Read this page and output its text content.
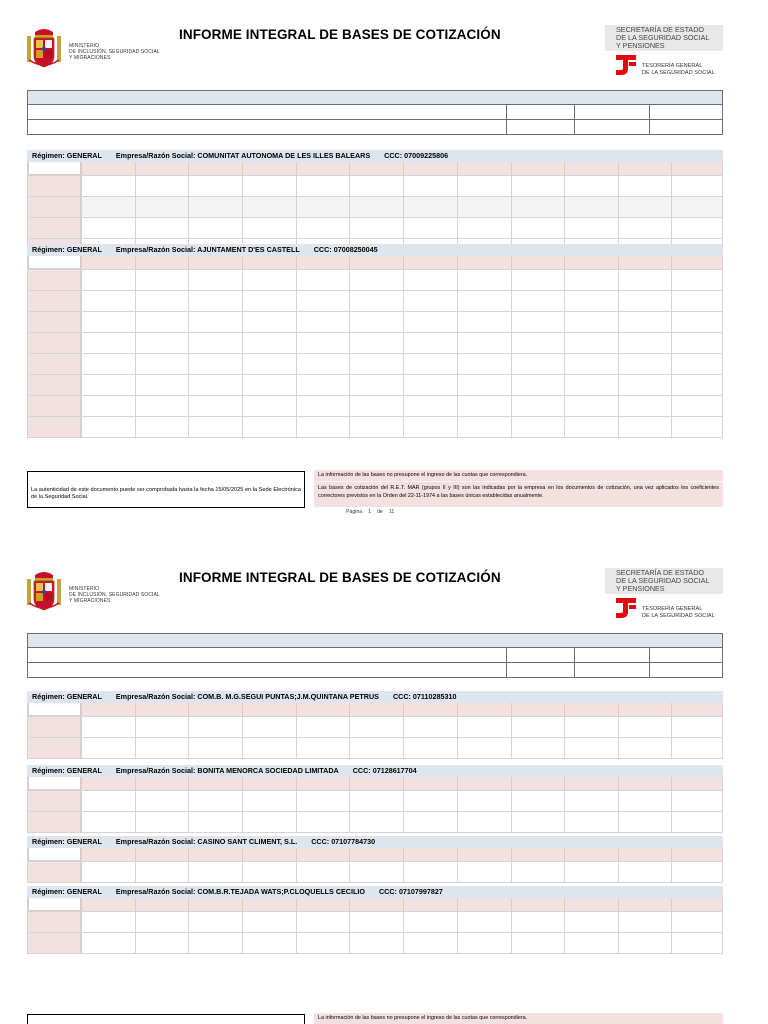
MINISTERIO
DE INCLUSIÓN, SEGURIDAD SOCIAL
Y MIGRACIONES
INFORME INTEGRAL DE BASES DE COTIZACIÓN	SECRETARÍA DE ESTADO
DE LA SEGURIDAD SOCIAL
Y PENSIONES
TESORERÍA GENERAL
DE LA SEGURIDAD SOCIAL
Régimen: GENERAL Empresa/Razón Social: COMUNITAT AUTONOMA DE LES ILLES BALEARS CCC: 07009225806
Régimen: GENERAL Empresa/Razón Social: AJUNTAMENT D'ES CASTELL CCC: 07008250045
La autenticidad de este documento puede ser comprobada hasta la fecha 15/05/2025 en la Sede Electrónica de la Seguridad Social.
La información de las bases no presupone el ingreso de las cuotas que correspondiera.
Las bases de cotización del R.E.T. MAR (grupos II y III) son las indicadas por la empresa en los documentos de cotización, una vez aplicados los coeficientes correctores previstos en la Orden del 22-11-1974 a las bases únicas establecidas anualmente.
Página 1 de 11
MINISTERIO
DE INCLUSIÓN, SEGURIDAD SOCIAL
Y MIGRACIONES
INFORME INTEGRAL DE BASES DE COTIZACIÓN	SECRETARÍA DE ESTADO
DE LA SEGURIDAD SOCIAL
Y PENSIONES
TESORERÍA GENERAL
DE LA SEGURIDAD SOCIAL
Régimen: GENERAL Empresa/Razón Social: COM.B. M.G.SEGUI PUNTAS;J.M.QUINTANA PETRUS CCC: 07110285310
Régimen: GENERAL Empresa/Razón Social: BONITA MENORCA SOCIEDAD LIMITADA CCC: 07128617704
Régimen: GENERAL Empresa/Razón Social: CASINO SANT CLIMENT, S.L. CCC: 07107784730
Régimen: GENERAL Empresa/Razón Social: COM.B.R.TEJADA WATS;P.CLOQUELLS CECILIO CCC: 07107997827
La información de las bases no presupone el ingreso de las cuotas que correspondiera.
